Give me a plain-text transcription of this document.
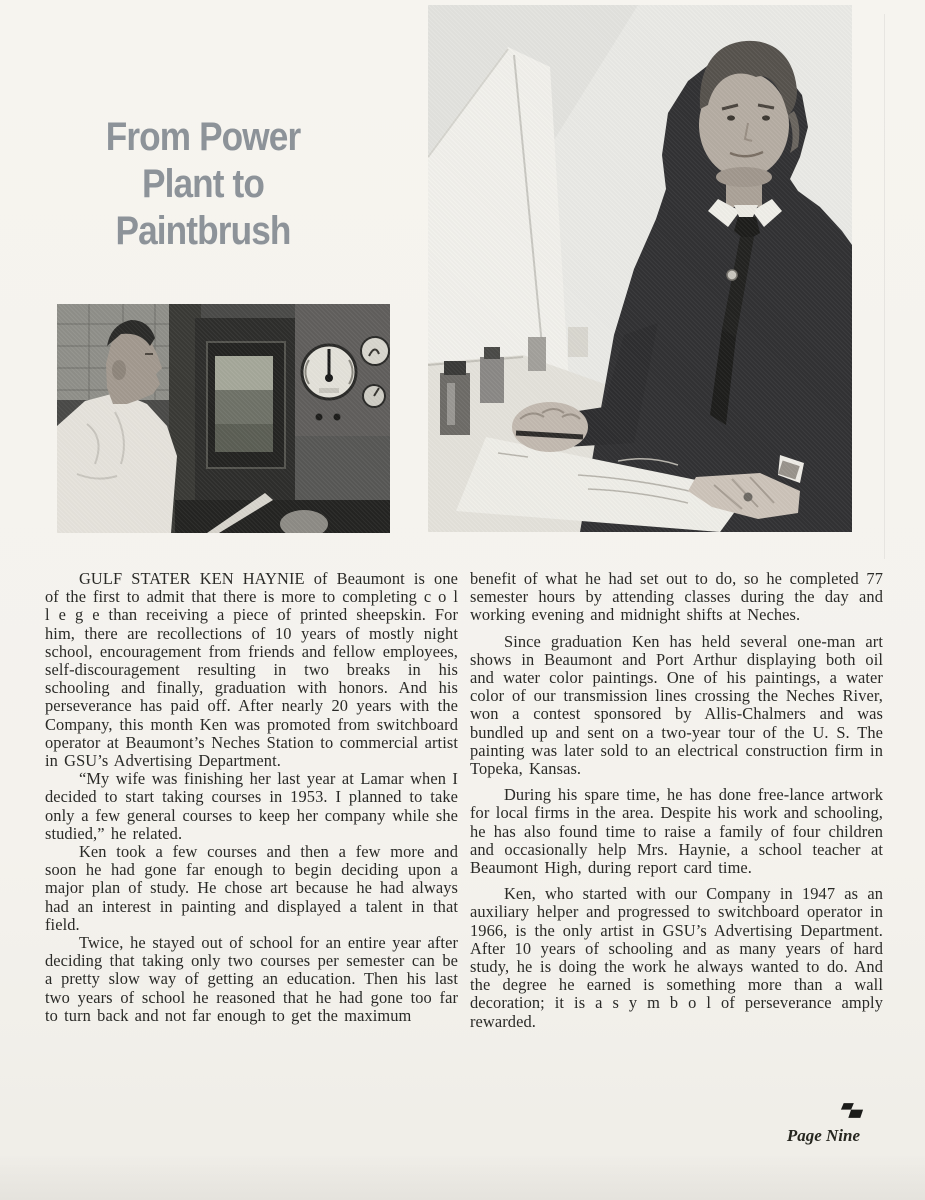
From Power
Plant to
Paintbrush

GULF STATER KEN HAYNIE of Beaumont is one of the first to admit that there is more to completing c o l l e g e than receiving a piece of printed sheepskin. For him, there are recollections of 10 years of mostly night school, encouragement from friends and fellow employees, self-discouragement resulting in two breaks in his schooling and finally, graduation with honors. And his perseverance has paid off. After nearly 20 years with the Company, this month Ken was promoted from switchboard operator at Beaumont’s Neches Station to commercial artist in GSU’s Advertising Department.

“My wife was finishing her last year at Lamar when I decided to start taking courses in 1953. I planned to take only a few general courses to keep her company while she studied,” he related.

Ken took a few courses and then a few more and soon he had gone far enough to begin deciding upon a major plan of study. He chose art because he had always had an interest in painting and displayed a talent in that field.

Twice, he stayed out of school for an entire year after deciding that taking only two courses per semester can be a pretty slow way of getting an education. Then his last two years of school he reasoned that he had gone too far to turn back and not far enough to get the maximum

benefit of what he had set out to do, so he completed 77 semester hours by attending classes during the day and working evening and midnight shifts at Neches.

Since graduation Ken has held several one-man art shows in Beaumont and Port Arthur displaying both oil and water color paintings. One of his paintings, a water color of our transmission lines crossing the Neches River, won a contest sponsored by Allis-Chalmers and was bundled up and sent on a two-year tour of the U. S. The painting was later sold to an electrical construction firm in Topeka, Kansas.

During his spare time, he has done free-lance artwork for local firms in the area. Despite his work and schooling, he has also found time to raise a family of four children and occasionally help Mrs. Haynie, a school teacher at Beaumont High, during report card time.

Ken, who started with our Company in 1947 as an auxiliary helper and progressed to switchboard operator in 1966, is the only artist in GSU’s Advertising Department. After 10 years of schooling and as many years of hard study, he is doing the work he always wanted to do. And the degree he earned is something more than a wall decoration; it is a s y m b o l of perseverance amply rewarded.

Page Nine
